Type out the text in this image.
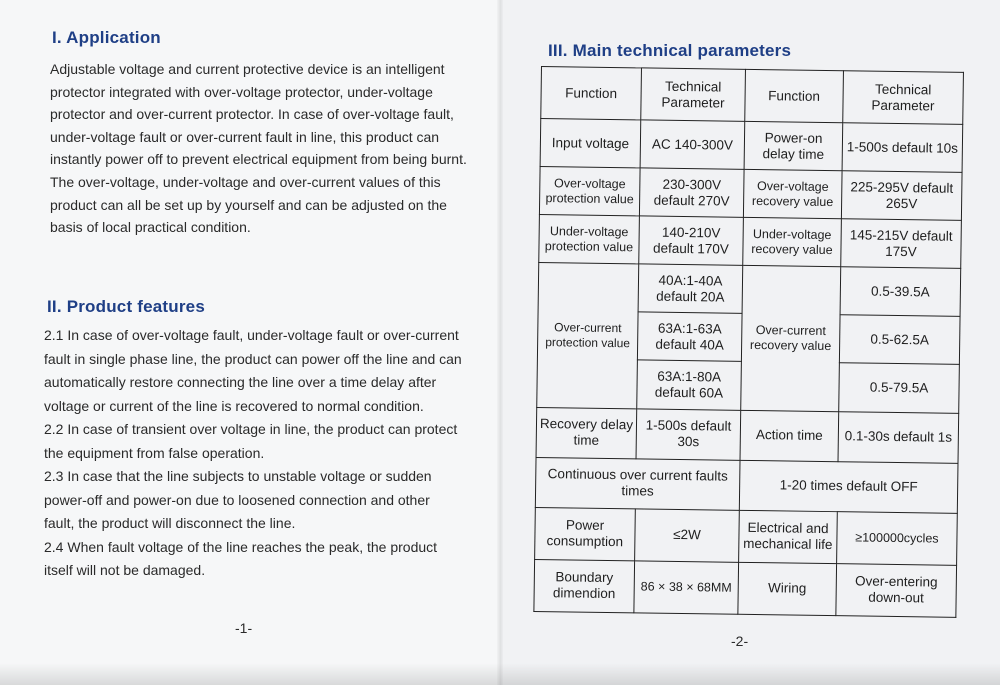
I. Application
Adjustable voltage and current protective device is an intelligent protector integrated with over-voltage protector, under-voltage protector and over-current protector. In case of over-voltage fault, under-voltage fault or over-current fault in line, this product can instantly power off to prevent electrical equipment from being burnt. The over-voltage, under-voltage and over-current values of this product can all be set up by yourself and can be adjusted on the basis of local practical condition.
II. Product features

2.1 In case of over-voltage fault, under-voltage fault or over-current fault in single phase line, the product can power off the line and can automatically restore connecting the line over a time delay after voltage or current of the line is recovered to normal condition.

2.2 In case of transient over voltage in line, the product can protect the equipment from false operation.

2.3 In case that the line subjects to unstable voltage or sudden power-off and power-on due to loosened connection and other fault, the product will disconnect the line.

2.4 When fault voltage of the line reaches the peak, the product itself will not be damaged.

-1-
III. Main technical parameters
Function	Technical Parameter	Function	Technical Parameter
Input voltage	AC 140-300V	Power-on delay time	1-500s default 10s
Over-voltage protection value	230-300V default 270V	Over-voltage recovery value	225-295V default 265V
Under-voltage protection value	140-210V default 170V	Under-voltage recovery value	145-215V default 175V
Over-current protection value	40A:1-40A default 20A	Over-current recovery value	0.5-39.5A
	63A:1-63A default 40A		0.5-62.5A
	63A:1-80A default 60A		0.5-79.5A
Recovery delay time	1-500s default 30s	Action time	0.1-30s default 1s
Continuous over current faults times		1-20 times default OFF	
Power consumption	≤2W	Electrical and mechanical life	≥100000cycles
Boundary dimendion	86 × 38 × 68MM	Wiring	Over-entering down-out
-2-
